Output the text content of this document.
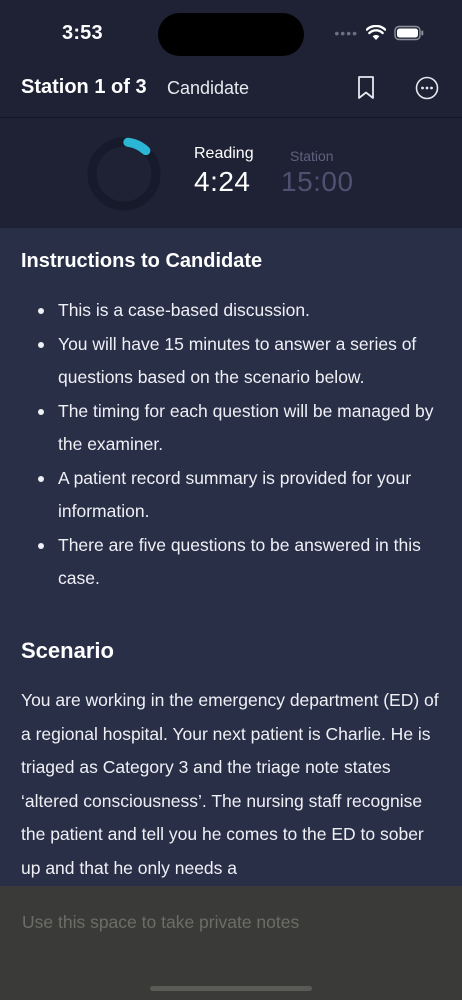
3:53	••••
Station 1 of 3 Candidate
Reading
4:24
Station
15:00
Instructions to Candidate
This is a case-based discussion.
You will have 15 minutes to answer a series of questions based on the scenario below.
The timing for each question will be managed by the examiner.
A patient record summary is provided for your information.
There are five questions to be answered in this case.
Scenario
You are working in the emergency department (ED) of a regional hospital. Your next patient is Charlie. He is triaged as Category 3 and the triage note states ‘altered consciousness’. The nursing staff recognise the patient and tell you he comes to the ED to sober up and that he only needs a
Use this space to take private notes
